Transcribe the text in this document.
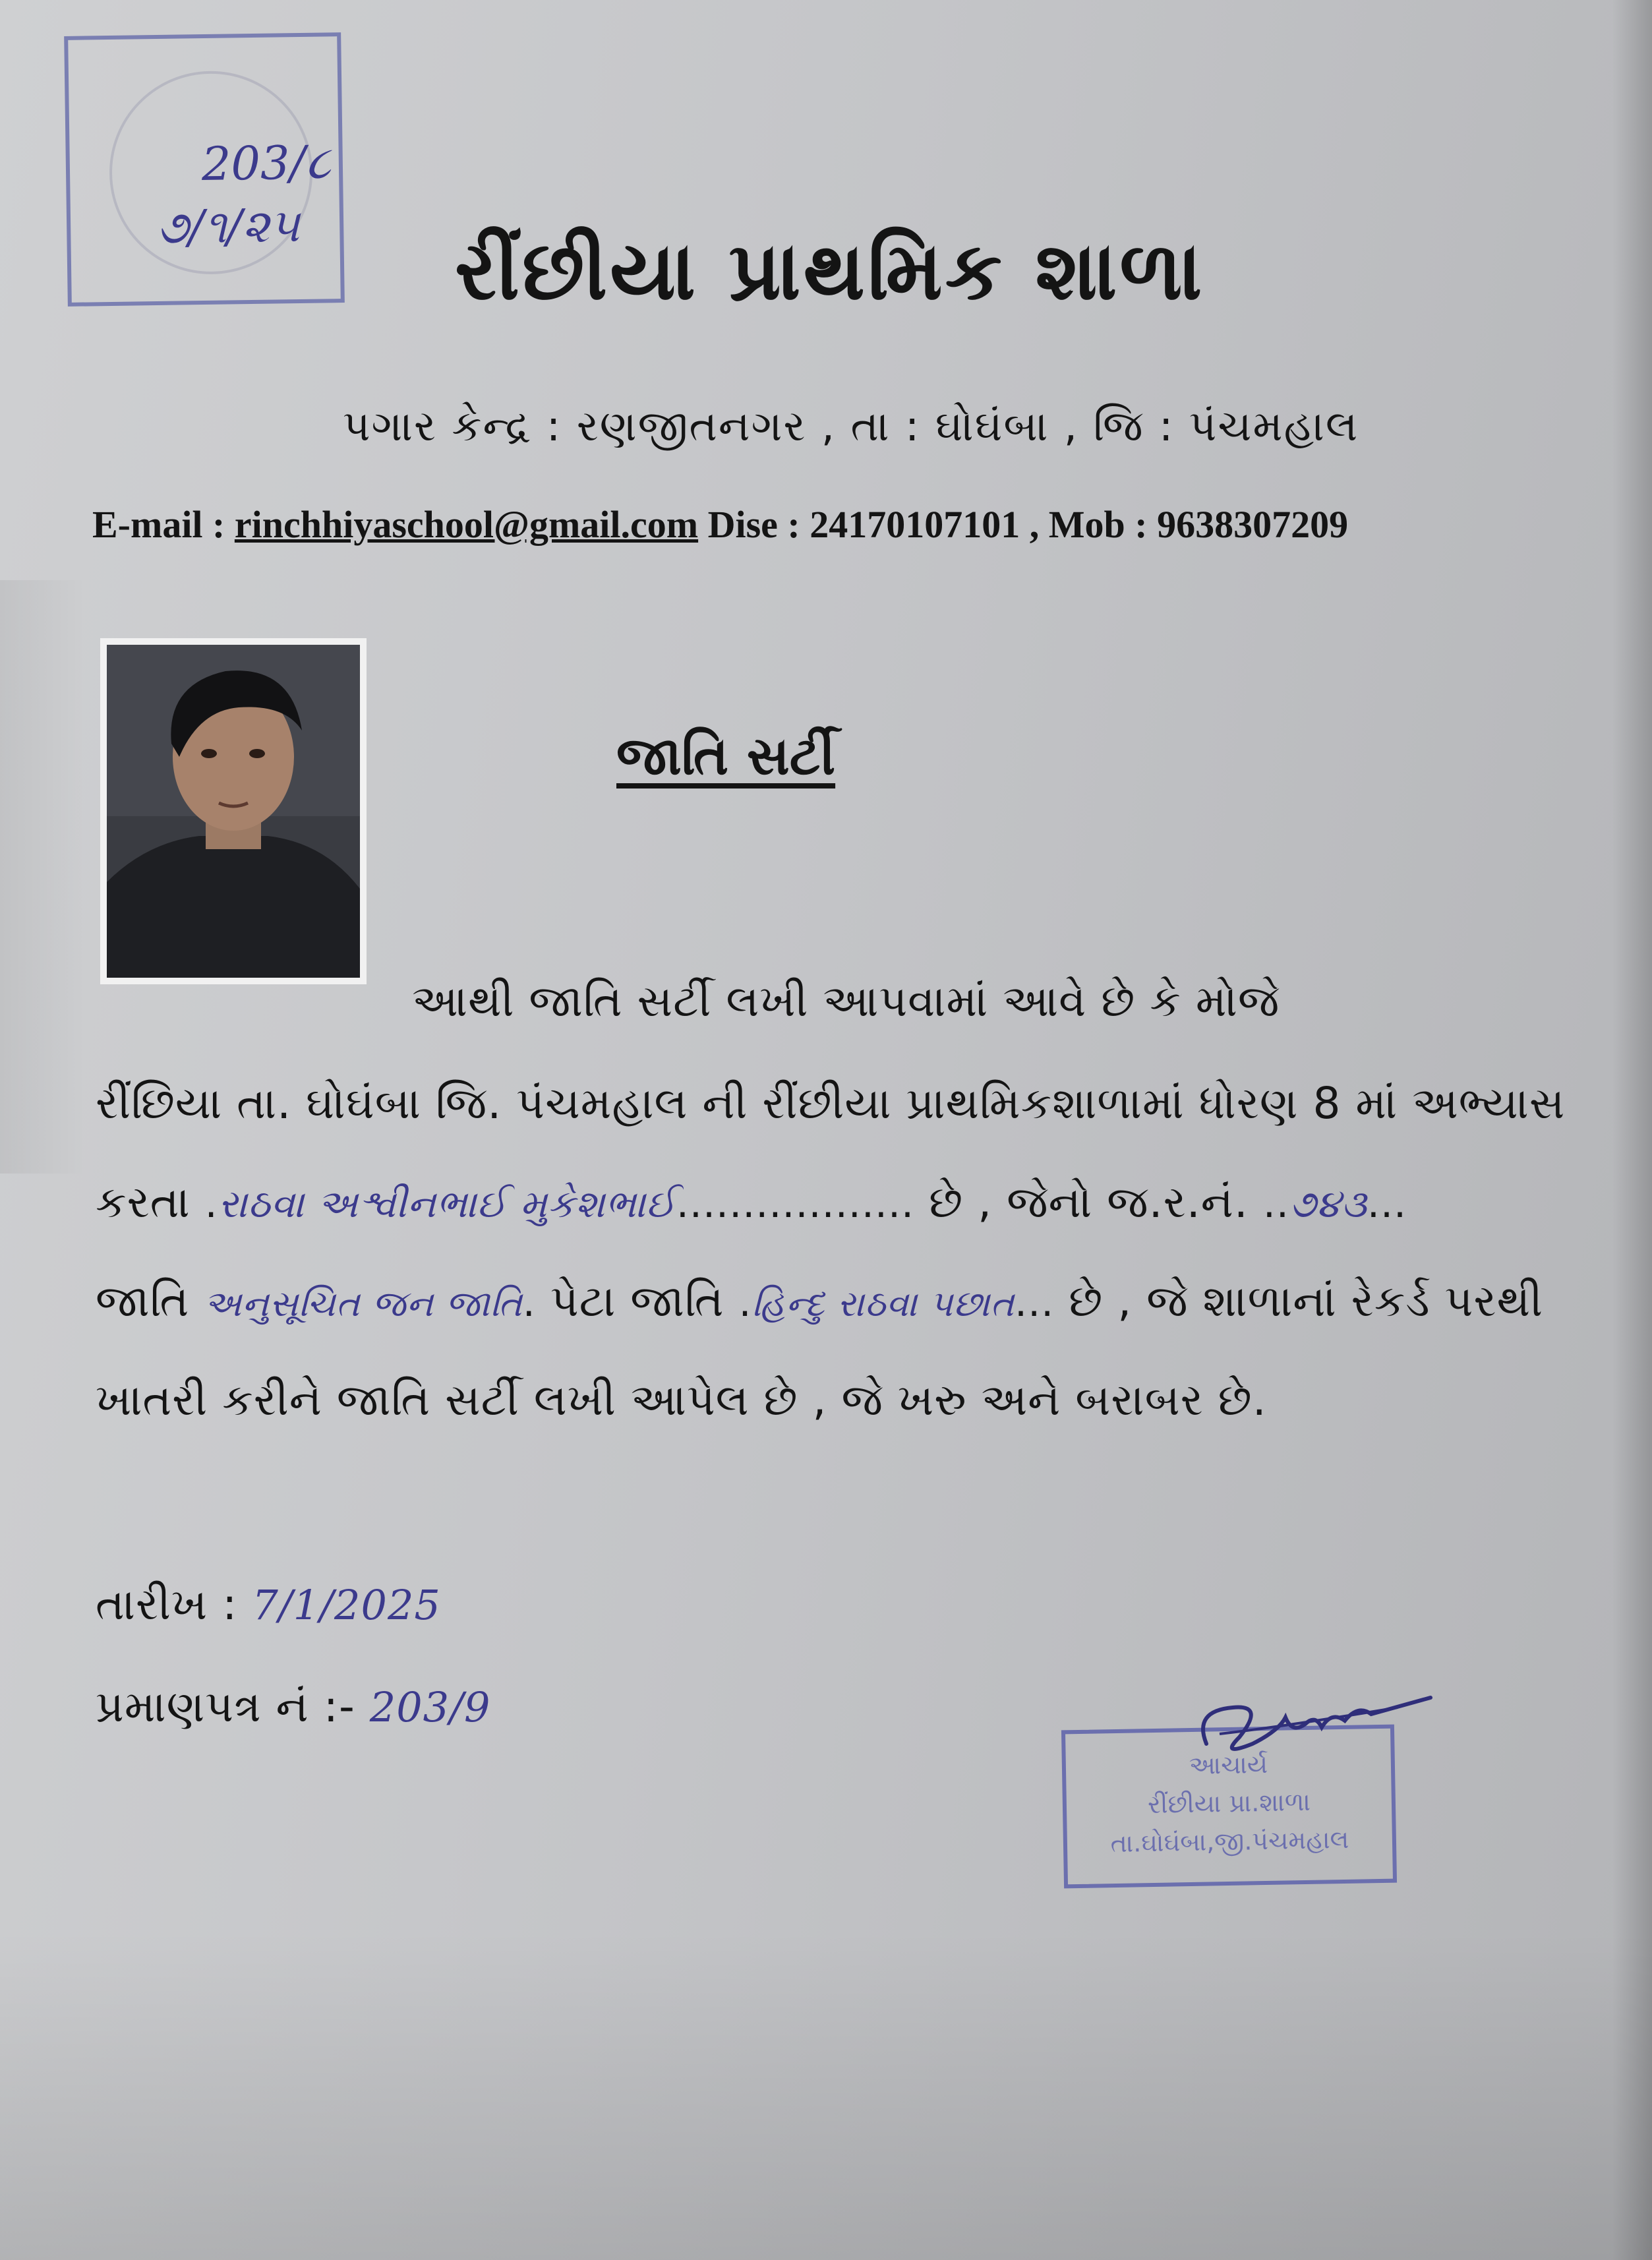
203/૮
૭/૧/૨૫ રીંછીયા પ્રાથમિક શાળા
પગાર કેન્દ્ર : રણજીતનગર , તા : ઘોઘંબા , જિ : પંચમહાલ
E-mail : rinchhiyaschool@gmail.com Dise : 24170107101 , Mob : 9638307209
જાતિ સર્ટી
આથી જાતિ સર્ટી લખી આપવામાં આવે છે કે મોજે
રીંછિયા તા. ઘોઘંબા જિ. પંચમહાલ ની રીંછીયા પ્રાથમિકશાળામાં ધોરણ 8 માં અભ્યાસ
કરતા .રાઠવા અશ્વીનભાઈ મુકેશભાઈ.................. છે , જેનો જ.ર.નં. ..૭૪૩...
જાતિ અનુસૂચિત જન જાતિ. પેટા જાતિ .હિન્દુ રાઠવા પછાત... છે , જે શાળાનાં રેકર્ડ પરથી
ખાતરી કરીને જાતિ સર્ટી લખી આપેલ છે , જે ખરુ અને બરાબર છે.
તારીખ : 7/1/2025
પ્રમાણપત્ર નં :- 203/9
આચાર્ય
રીંછીયા પ્રા.શાળા
તા.ઘોઘંબા,જી.પંચમહાલ
